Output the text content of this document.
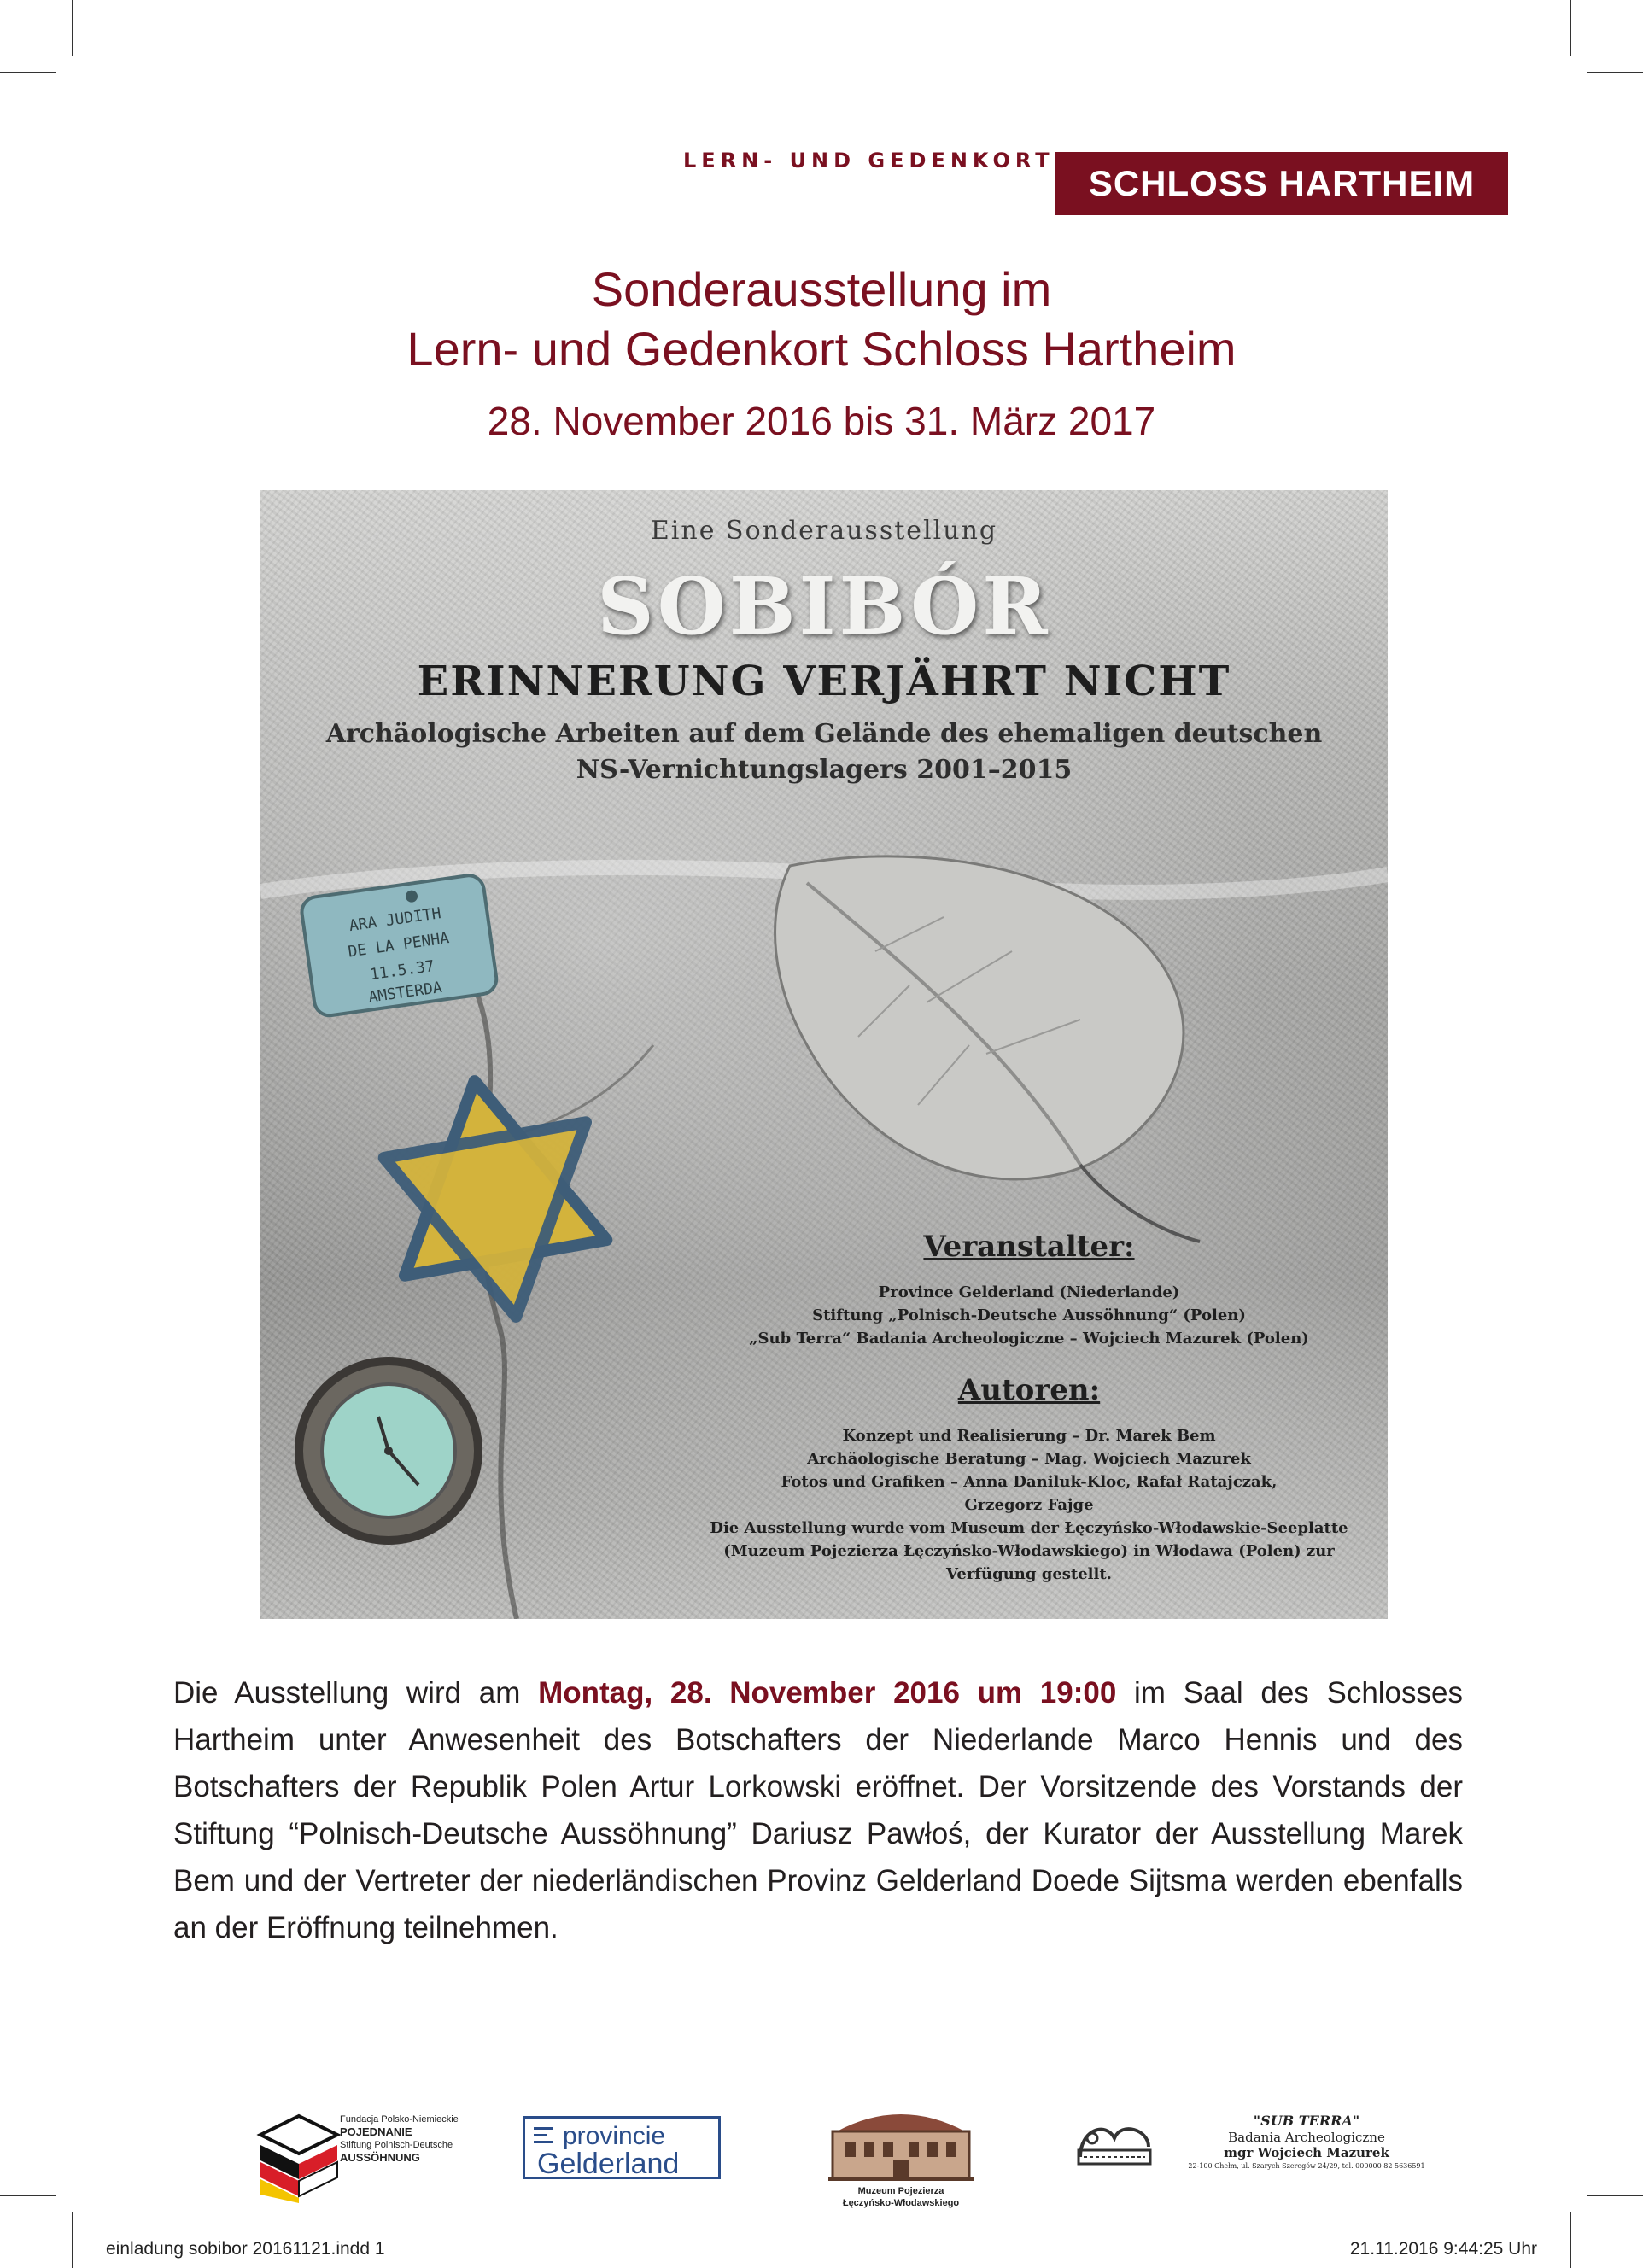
LERN- UND GEDENKORT
SCHLOSS HARTHEIM
Sonderausstellung im
Lern- und Gedenkort Schloss Hartheim
28. November 2016 bis 31. März 2017
ARA JUDITH
DE LA PENHA
11.5.37
AMSTERDA
Eine Sonderausstellung
SOBIBÓR
ERINNERUNG VERJÄHRT NICHT
Archäologische Arbeiten auf dem Gelände des ehemaligen deutschen
NS-Vernichtungslagers 2001–2015
Veranstalter:
Province Gelderland (Niederlande)
Stiftung „Polnisch-Deutsche Aussöhnung“ (Polen)
„Sub Terra“ Badania Archeologiczne – Wojciech Mazurek (Polen)
Autoren:
Konzept und Realisierung – Dr. Marek Bem
Archäologische Beratung – Mag. Wojciech Mazurek
Fotos und Grafiken – Anna Daniluk-Kloc, Rafał Ratajczak,
Grzegorz Fajge
Die Ausstellung wurde vom Museum der Łęczyńsko-Włodawskie-Seeplatte
(Muzeum Pojezierza Łęczyńsko-Włodawskiego) in Włodawa (Polen) zur
Verfügung gestellt.
Die Ausstellung wird am Montag, 28. November 2016 um 19:00 im Saal des Schlosses Hartheim unter Anwesenheit des Botschafters der Niederlande Marco Hennis und des Botschafters der Republik Polen Artur Lorkowski eröffnet. Der Vorsitzende des Vorstands der Stiftung “Polnisch-Deutsche Aussöhnung” Dariusz Pawłoś, der Kurator der Ausstellung Marek Bem und der Vertreter der niederländischen Provinz Gelderland Doede Sijtsma werden ebenfalls an der Eröffnung teilnehmen.
Fundacja Polsko-Niemieckie
POJEDNANIE
Stiftung Polnisch-Deutsche
AUSSÖHNUNG
provincie
Gelderland
Muzeum Pojezierza
Łęczyńsko-Włodawskiego
"SUB TERRA"
Badania Archeologiczne
mgr Wojciech Mazurek
22-100 Chełm, ul. Szarych Szeregów 24/29, tel. 000000 82 5636591
einladung sobibor 20161121.indd 1	21.11.2016 9:44:25 Uhr
